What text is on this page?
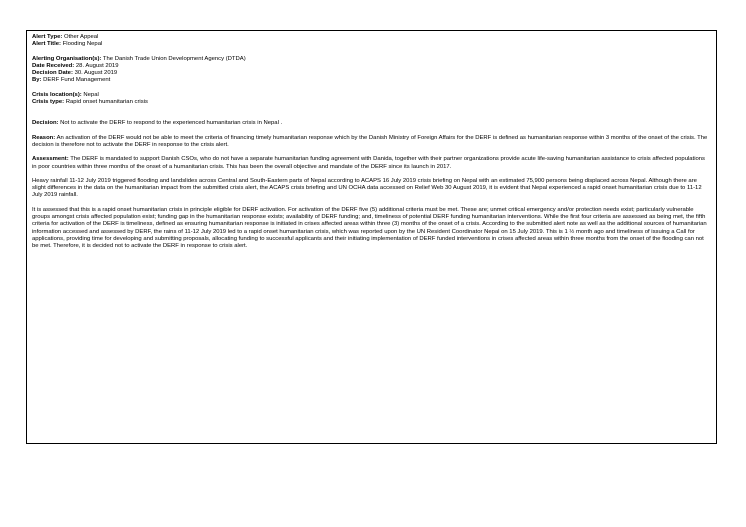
Alert Type: Other Appeal

Alert Title: Flooding Nepal

Alerting Organisation(s): The Danish Trade Union Development Agency (DTDA)

Date Received: 28. August 2019

Decision Date: 30. August 2019

By: DERF Fund Management

Crisis location(s): Nepal

Crisis type: Rapid onset humanitarian crisis

Decision: Not to activate the DERF to respond to the experienced humanitarian crisis in Nepal .

Reason: An activation of the DERF would not be able to meet the criteria of financing timely humanitarian response which by the Danish Ministry of Foreign Affairs for the DERF is defined as humanitarian response within 3 months of the onset of the crisis. The decision is therefore not to activate the DERF in response to the crisis alert.

Assessment: The DERF is mandated to support Danish CSOs, who do not have a separate humanitarian funding agreement with Danida, together with their partner organizations provide acute life-saving humanitarian assistance to crisis affected populations in poor countries within three months of the onset of a humanitarian crisis. This has been the overall objective and mandate of the DERF since its launch in 2017.

Heavy rainfall 11-12 July 2019 triggered flooding and landslides across Central and South-Eastern parts of Nepal according to ACAPS 16 July 2019 crisis briefing on Nepal with an estimated 75,900 persons being displaced across Nepal. Although there are slight differences in the data on the humanitarian impact from the submitted crisis alert, the ACAPS crisis briefing and UN OCHA data accessed on Relief Web 30 August 2019, it is evident that Nepal experienced a rapid onset humanitarian crisis due to 11-12 July 2019 rainfall.

It is assessed that this is a rapid onset humanitarian crisis in principle eligible for DERF activation. For activation of the DERF five (5) additional criteria must be met. These are; unmet critical emergency and/or protection needs exist; particularly vulnerable groups amongst crisis affected population exist; funding gap in the humanitarian response exists; availability of DERF funding; and, timeliness of potential DERF funding humanitarian interventions. While the first four criteria are assessed as being met, the fifth criteria for activation of the DERF is timeliness, defined as ensuring humanitarian response is initiated in crises affected areas within three (3) months of the onset of a crisis. According to the submitted alert note as well as the additional sources of humanitarian information accessed and assessed by DERF, the rains of 11-12 July 2019 led to a rapid onset humanitarian crisis, which was reported upon by the UN Resident Coordinator Nepal on 15 July 2019. This is 1 ½ month ago and timeliness of issuing a Call for applications, providing time for developing and submitting proposals, allocating funding to successful applicants and their initiating implementation of DERF funded interventions in crises affected areas within three months from the onset of the flooding can not be met. Therefore, it is decided not to activate the DERF in response to crisis alert.
